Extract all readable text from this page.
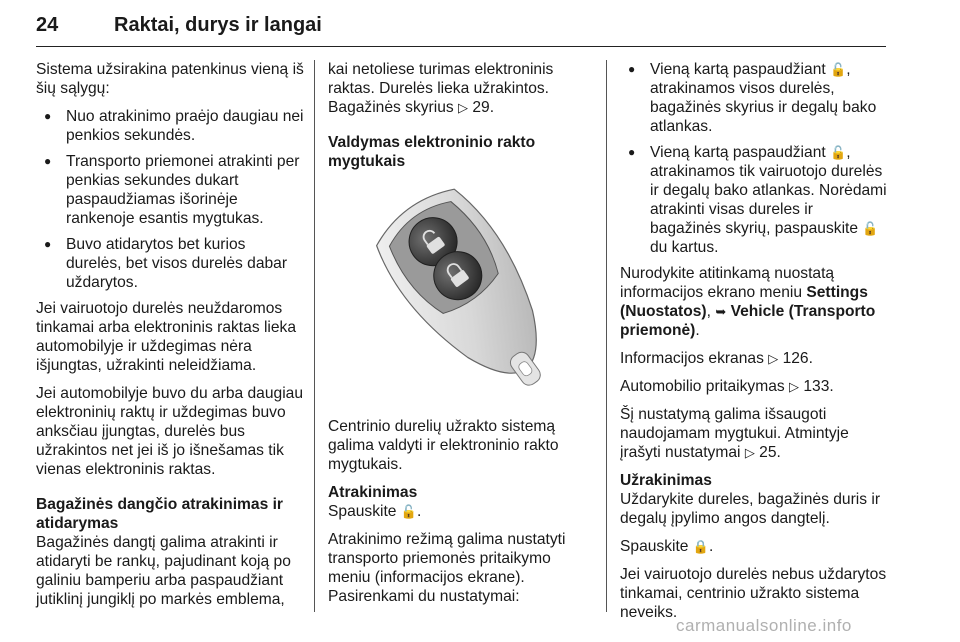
24	Raktai, durys ir langai

Sistema užsirakina patenkinus vieną iš šių sąlygų:

● Nuo atrakinimo praėjo daugiau nei penkios sekundės.
● Transporto priemonei atrakinti per penkias sekundes dukart paspaudžiamas išorinėje rankenoje esantis mygtukas.
● Buvo atidarytos bet kurios durelės, bet visos durelės dabar uždarytos.

Jei vairuotojo durelės neuždaromos tinkamai arba elektroninis raktas lieka automobilyje ir uždegimas nėra išjungtas, užrakinti neleidžiama.

Jei automobilyje buvo du arba daugiau elektroninių raktų ir uždegimas buvo anksčiau įjungtas, durelės bus užrakintos net jei iš jo išnešamas tik vienas elektroninis raktas.

Bagažinės dangčio atrakinimas ir atidarymas

Bagažinės dangtį galima atrakinti ir atidaryti be rankų, pajudinant koją po galiniu bamperiu arba paspaudžiant jutiklinį jungiklį po markės emblema,

kai netoliese turimas elektroninis raktas. Durelės lieka užrakintos. Bagažinės skyrius ▷ 29.

Valdymas elektroninio rakto mygtukais

Centrinio durelių užrakto sistemą galima valdyti ir elektroninio rakto mygtukais.

Atrakinimas

Spauskite 🔓.

Atrakinimo režimą galima nustatyti transporto priemonės pritaikymo meniu (informacijos ekrane). Pasirenkami du nustatymai:

● Vieną kartą paspaudžiant 🔓, atrakinamos visos durelės, bagažinės skyrius ir degalų bako atlankas.
● Vieną kartą paspaudžiant 🔓, atrakinamos tik vairuotojo durelės ir degalų bako atlankas. Norėdami atrakinti visas dureles ir bagažinės skyrių, paspauskite 🔓 du kartus.

Nurodykite atitinkamą nuostatą informacijos ekrano meniu Settings (Nuostatos), ➥ Vehicle (Transporto priemonė).

Informacijos ekranas ▷ 126.

Automobilio pritaikymas ▷ 133.

Šį nustatymą galima išsaugoti naudojamam mygtukui. Atmintyje įrašyti nustatymai ▷ 25.

Užrakinimas

Uždarykite dureles, bagažinės duris ir degalų įpylimo angos dangtelį.

Spauskite 🔒.

Jei vairuotojo durelės nebus uždarytos tinkamai, centrinio užrakto sistema neveiks.

carmanualsonline.info
